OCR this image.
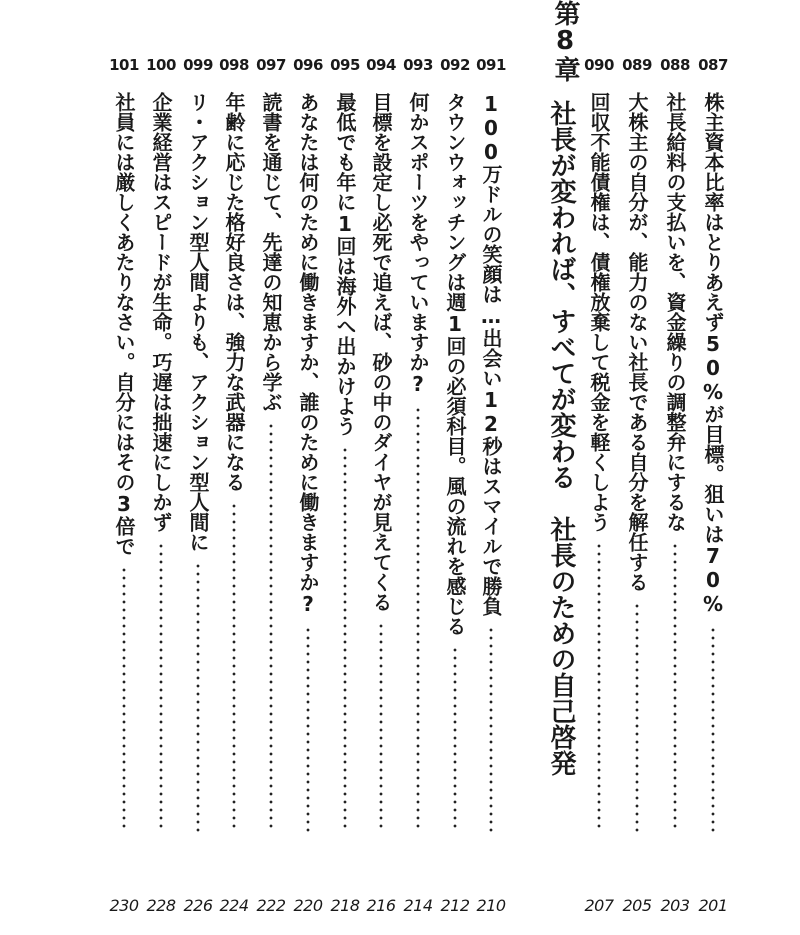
第8章
社長が変われば、すべてが変わる　社長のための自己啓発
087
株主資本比率はとりあえず50%が目標。狙いは70%
201
088
社長給料の支払いを、資金繰りの調整弁にするな
203
089
大株主の自分が、能力のない社長である自分を解任する
205
090
回収不能債権は、債権放棄して税金を軽くしよう
207
091
100万ドルの笑顔は…出会い12秒はスマイルで勝負
210
092
タウンウォッチングは週1回の必須科目。風の流れを感じる
212
093
何かスポーツをやっていますか?
214
094
目標を設定し必死で追えば、砂の中のダイヤが見えてくる
216
095
最低でも年に1回は海外へ出かけよう
218
096
あなたは何のために働きますか、誰のために働きますか?
220
097
読書を通じて、先達の知恵から学ぶ
222
098
年齢に応じた格好良さは、強力な武器になる
224
099
リ・アクション型人間よりも、アクション型人間に
226
100
企業経営はスピードが生命。巧遅は拙速にしかず
228
101
社員には厳しくあたりなさい。自分にはその3倍で
230
